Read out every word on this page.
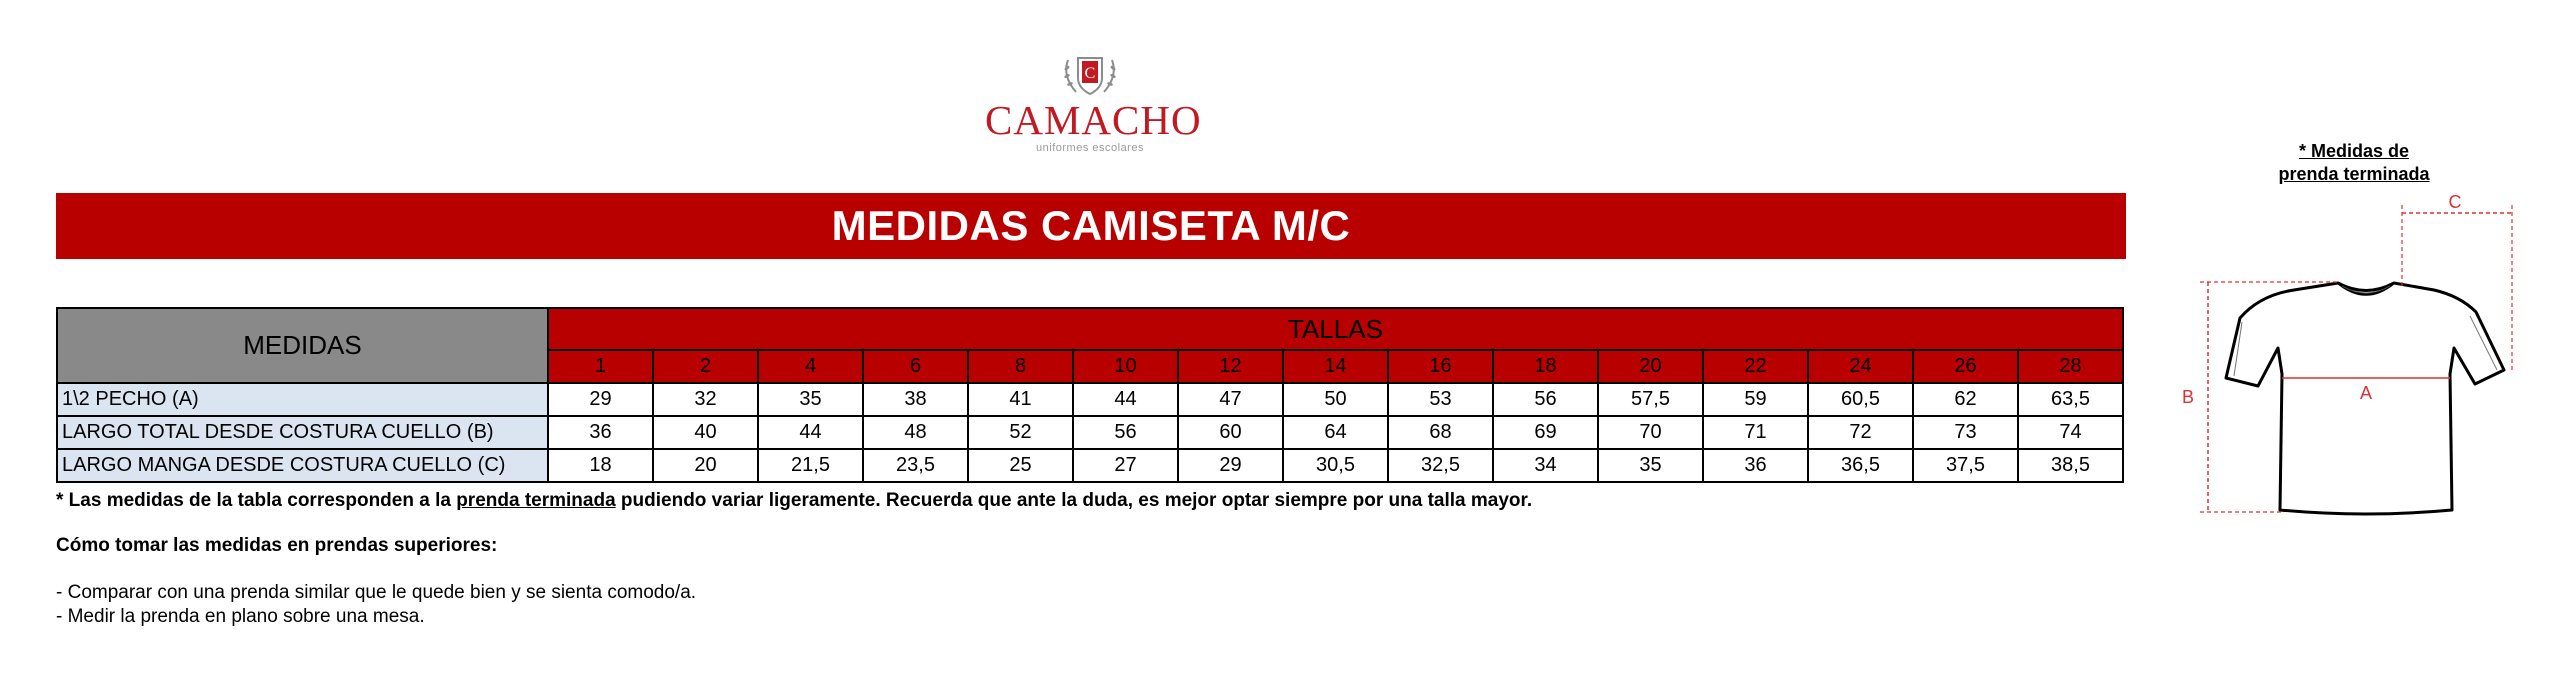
C
CAMACHO
uniformes escolares
MEDIDAS CAMISETA M/C
MEDIDAS	TALLAS														
	1	2	4	6	8	10	12	14	16	18	20	22	24	26	28
1\2 PECHO (A)	29	32	35	38	41	44	47	50	53	56	57,5	59	60,5	62	63,5
LARGO TOTAL DESDE COSTURA CUELLO (B)	36	40	44	48	52	56	60	64	68	69	70	71	72	73	74
LARGO MANGA DESDE COSTURA CUELLO (C)	18	20	21,5	23,5	25	27	29	30,5	32,5	34	35	36	36,5	37,5	38,5
* Las medidas de la tabla corresponden a la prenda terminada pudiendo variar ligeramente. Recuerda que ante la duda, es mejor optar siempre por una talla mayor.
Cómo tomar las medidas en prendas superiores:
- Comparar con una prenda similar que le quede bien y se sienta comodo/a.
- Medir la prenda en plano sobre una mesa.
* Medidas de
prenda terminada
A
B
C
